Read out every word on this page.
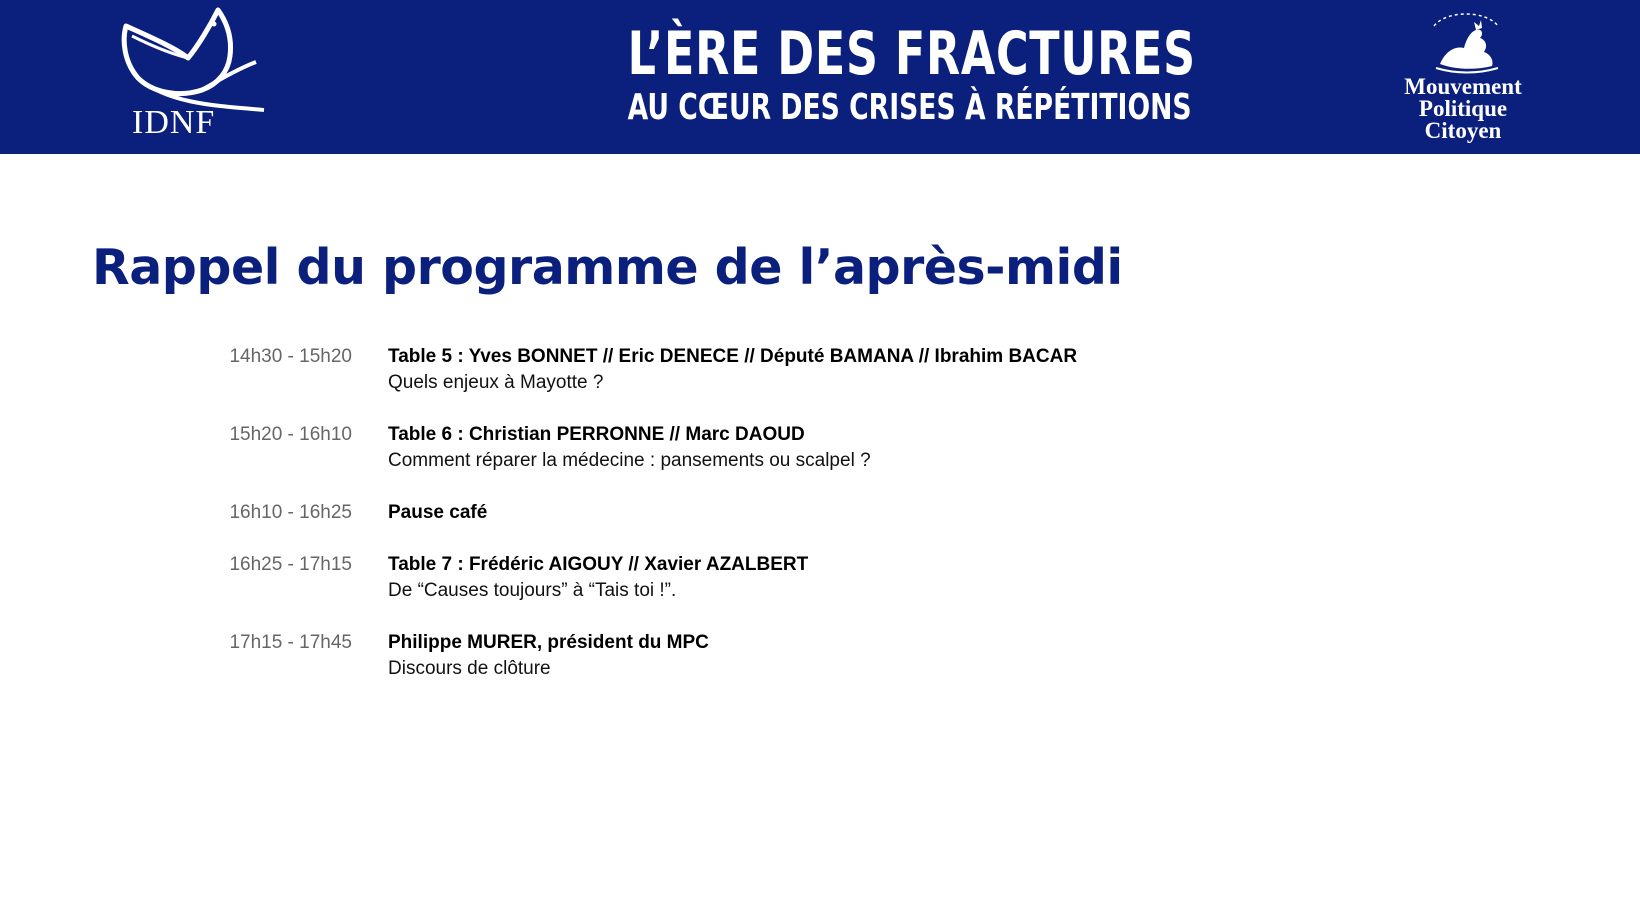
IDNF
L’ÈRE DES FRACTURES
AU CŒUR DES CRISES À RÉPÉTITIONS
Mouvement
Politique
Citoyen
Rappel du programme de l’après-midi
14h30 - 15h20 Table 5 : Yves BONNET // Eric DENECE // Député BAMANA // Ibrahim BACAR
Quels enjeux à Mayotte ?
15h20 - 16h10 Table 6 : Christian PERRONNE // Marc DAOUD
Comment réparer la médecine : pansements ou scalpel ?
16h10 - 16h25 Pause café
16h25 - 17h15 Table 7 : Frédéric AIGOUY // Xavier AZALBERT
De “Causes toujours” à “Tais toi !”.
17h15 - 17h45 Philippe MURER, président du MPC
Discours de clôture
